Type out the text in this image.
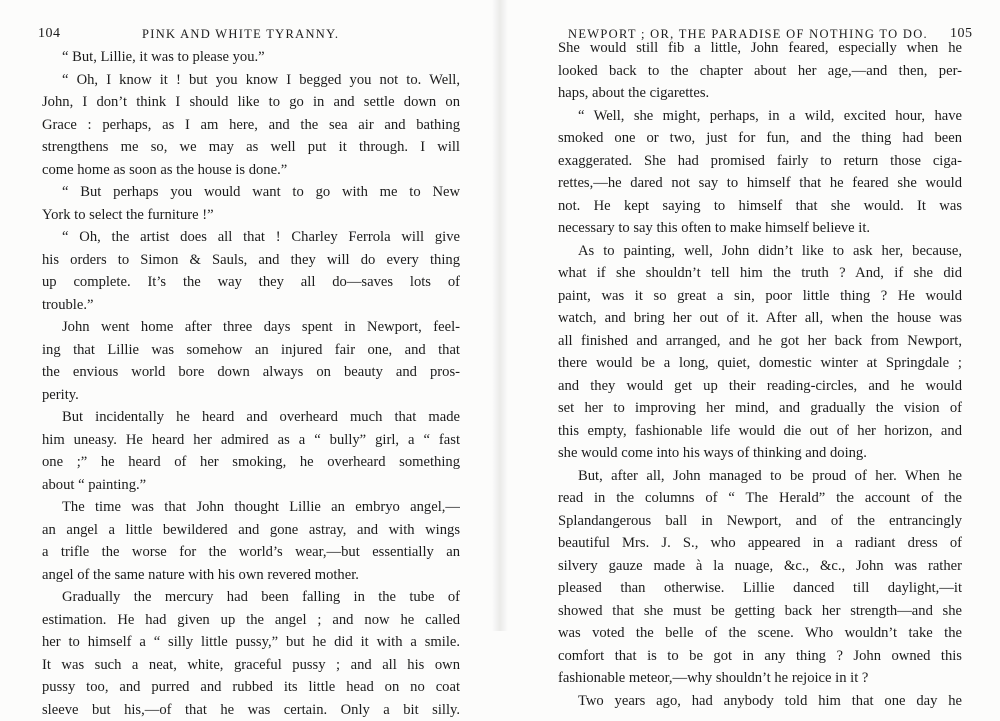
104	PINK AND WHITE TYRANNY.
“ But, Lillie, it was to please you.”
“ Oh, I know it ! but you know I begged you not to. Well,
John, I don’t think I should like to go in and settle down on
Grace : perhaps, as I am here, and the sea air and bathing
strengthens me so, we may as well put it through. I will
come home as soon as the house is done.”
“ But perhaps you would want to go with me to New
York to select the furniture !”
“ Oh, the artist does all that ! Charley Ferrola will give
his orders to Simon & Sauls, and they will do every thing
up complete. It’s the way they all do—saves lots of
trouble.”
John went home after three days spent in Newport, feel-
ing that Lillie was somehow an injured fair one, and that
the envious world bore down always on beauty and pros-
perity.
But incidentally he heard and overheard much that made
him uneasy. He heard her admired as a “ bully” girl, a “ fast
one ;” he heard of her smoking, he overheard something
about “ painting.”
The time was that John thought Lillie an embryo angel,—
an angel a little bewildered and gone astray, and with wings
a trifle the worse for the world’s wear,—but essentially an
angel of the same nature with his own revered mother.
Gradually the mercury had been falling in the tube of
estimation. He had given up the angel ; and now he called
her to himself a “ silly little pussy,” but he did it with a smile.
It was such a neat, white, graceful pussy ; and all his own
pussy too, and purred and rubbed its little head on no coat
sleeve but his,—of that he was certain. Only a bit silly.
NEWPORT ; OR, THE PARADISE OF NOTHING TO DO. 105
She would still fib a little, John feared, especially when he
looked back to the chapter about her age,—and then, per-
haps, about the cigarettes.
“ Well, she might, perhaps, in a wild, excited hour, have
smoked one or two, just for fun, and the thing had been
exaggerated. She had promised fairly to return those ciga-
rettes,—he dared not say to himself that he feared she would
not. He kept saying to himself that she would. It was
necessary to say this often to make himself believe it.
As to painting, well, John didn’t like to ask her, because,
what if she shouldn’t tell him the truth ? And, if she did
paint, was it so great a sin, poor little thing ? He would
watch, and bring her out of it. After all, when the house was
all finished and arranged, and he got her back from Newport,
there would be a long, quiet, domestic winter at Springdale ;
and they would get up their reading-circles, and he would
set her to improving her mind, and gradually the vision of
this empty, fashionable life would die out of her horizon, and
she would come into his ways of thinking and doing.
But, after all, John managed to be proud of her. When he
read in the columns of “ The Herald” the account of the
Splandangerous ball in Newport, and of the entrancingly
beautiful Mrs. J. S., who appeared in a radiant dress of
silvery gauze made à la nuage, &c., &c., John was rather
pleased than otherwise. Lillie danced till daylight,—it
showed that she must be getting back her strength—and she
was voted the belle of the scene. Who wouldn’t take the
comfort that is to be got in any thing ? John owned this
fashionable meteor,—why shouldn’t he rejoice in it ?
Two years ago, had anybody told him that one day he
